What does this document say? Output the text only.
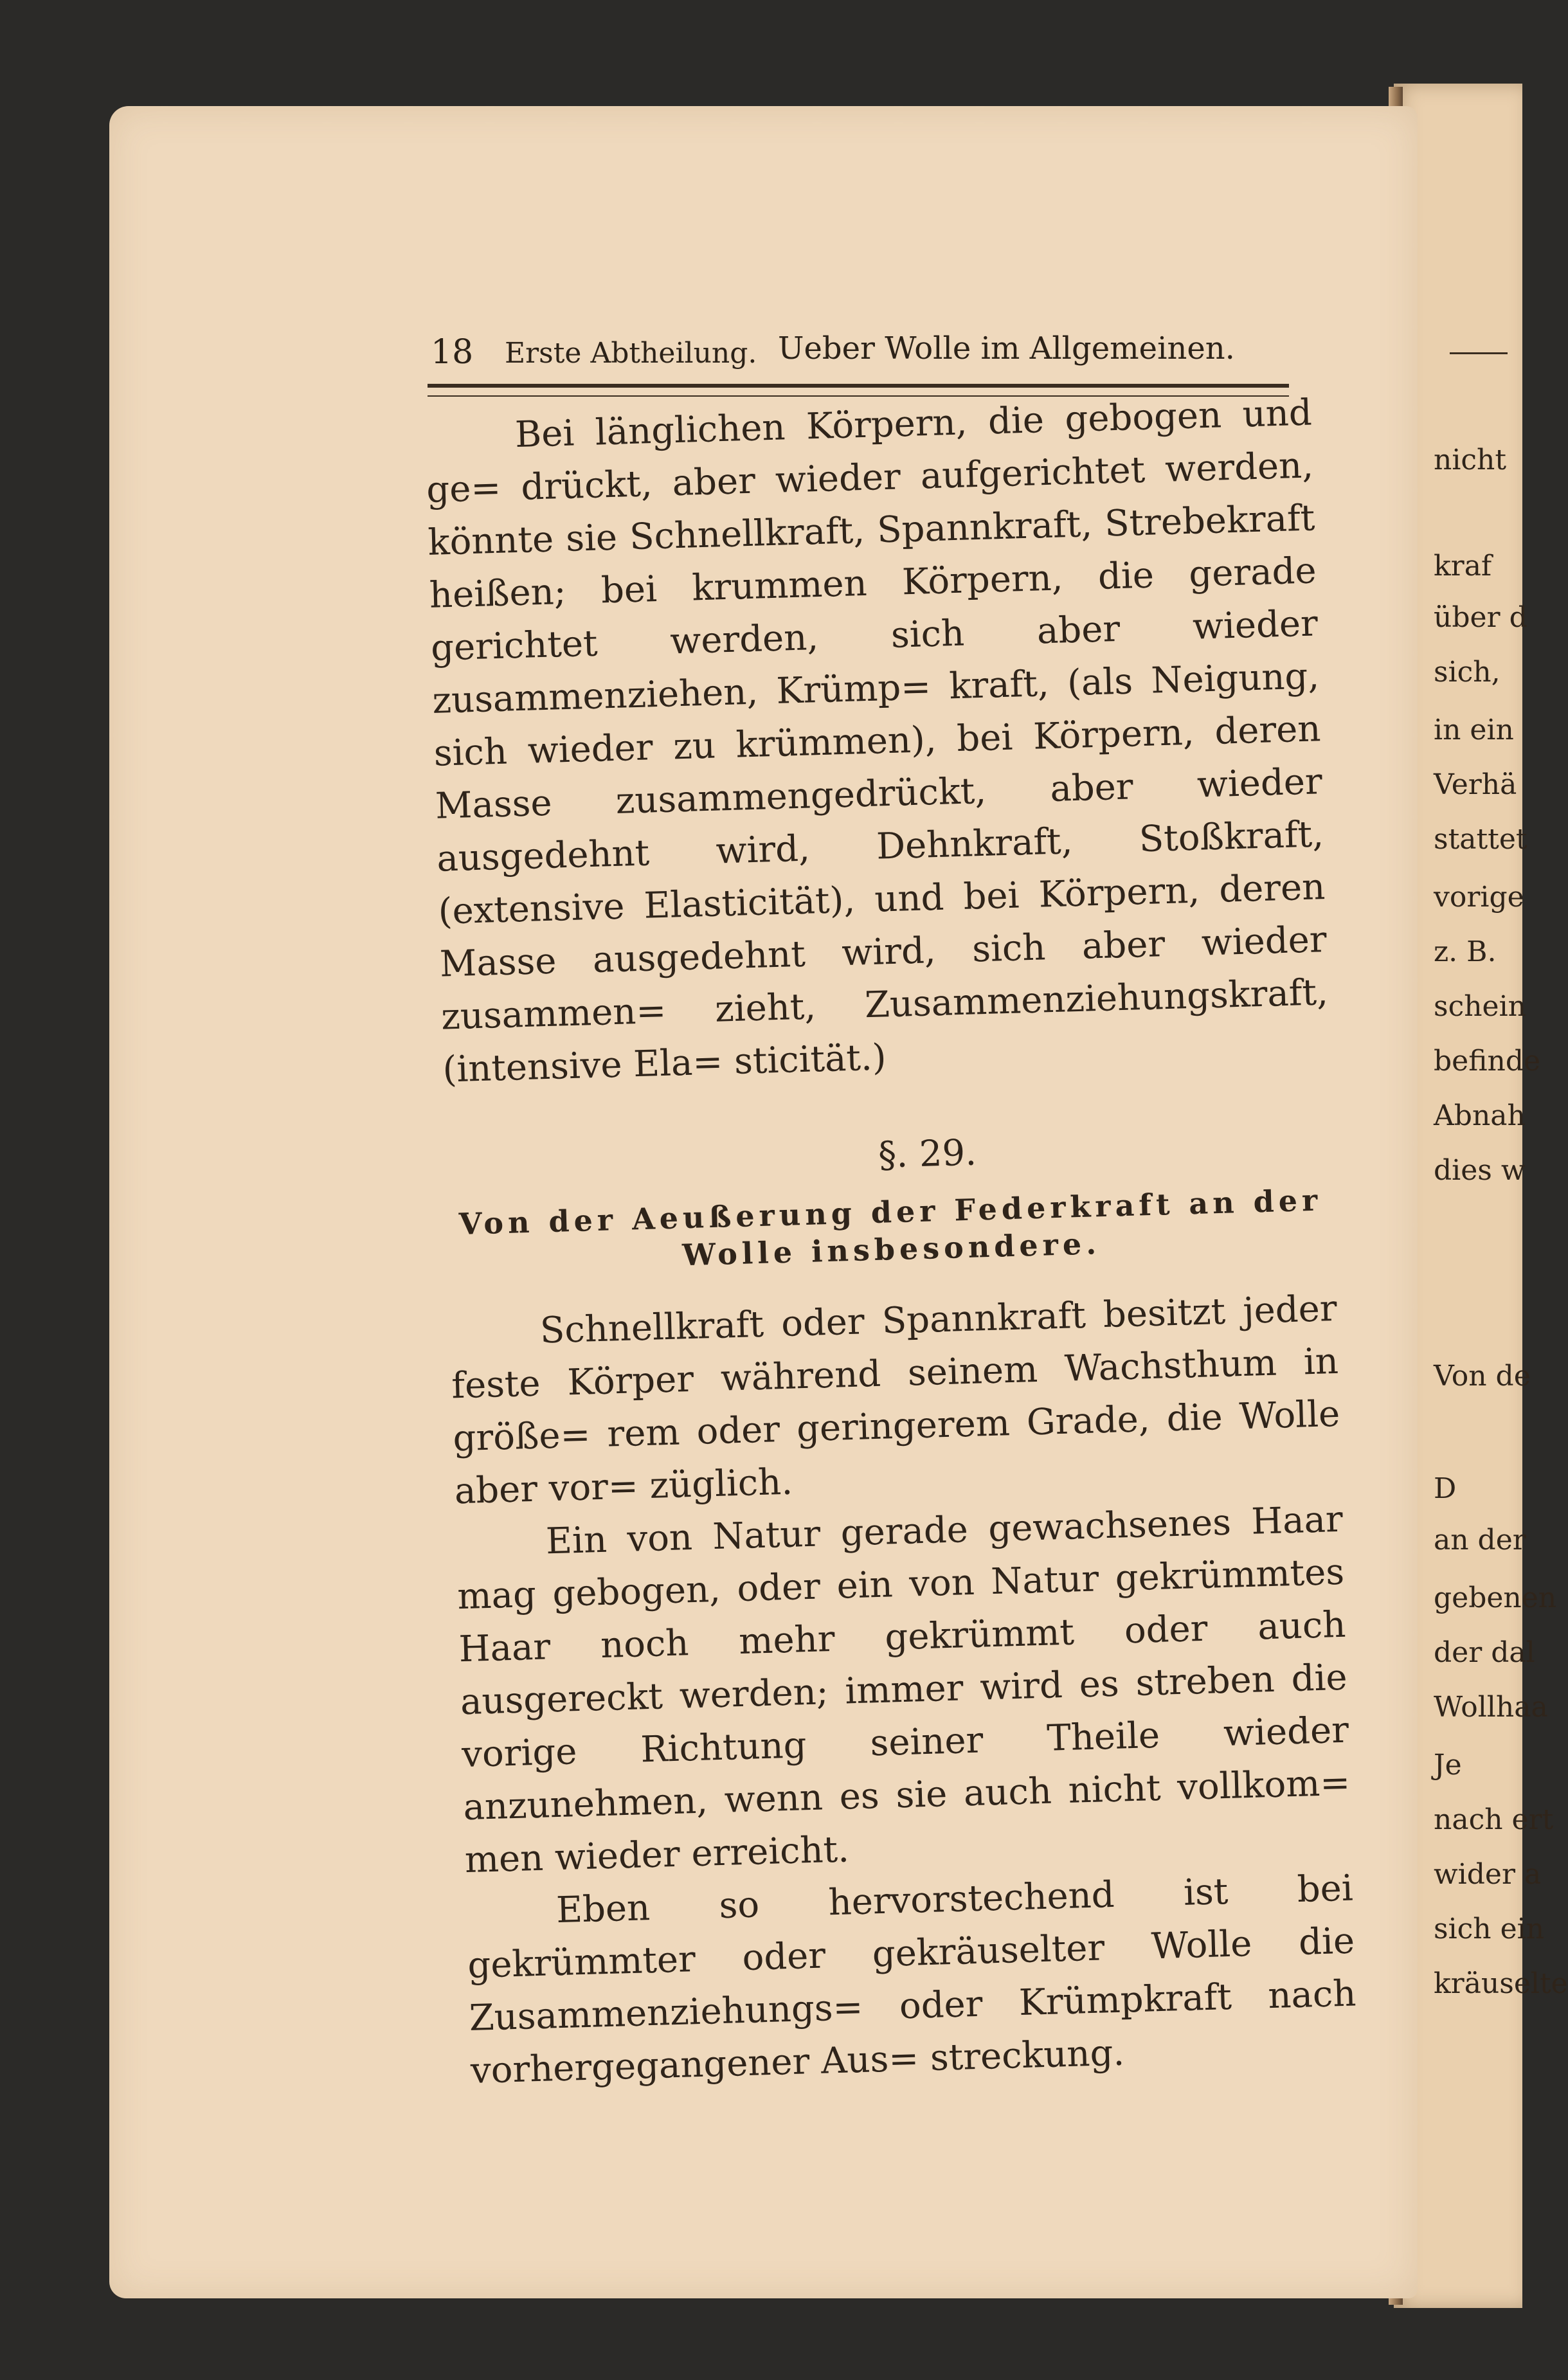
18 Erste Abtheilung. Ueber Wolle im Allgemeinen.

Bei länglichen Körpern, die gebogen und ge= drückt, aber wieder aufgerichtet werden, könnte sie Schnellkraft, Spannkraft, Strebekraft heißen; bei krummen Körpern, die gerade gerichtet werden, sich aber wieder zusammenziehen, Krümp= kraft, (als Neigung, sich wieder zu krümmen), bei Körpern, deren Masse zusammengedrückt, aber wieder ausgedehnt wird, Dehnkraft, Stoßkraft, (extensive Elasticität), und bei Körpern, deren Masse ausgedehnt wird, sich aber wieder zusammen= zieht, Zusammenziehungskraft, (intensive Ela= sticität.)

§. 29.
Von der Aeußerung der Federkraft an der Wolle insbesondere.

Schnellkraft oder Spannkraft besitzt jeder feste Körper während seinem Wachsthum in größe= rem oder geringerem Grade, die Wolle aber vor= züglich.

Ein von Natur gerade gewachsenes Haar mag gebogen, oder ein von Natur gekrümmtes Haar noch mehr gekrümmt oder auch ausgereckt werden; immer wird es streben die vorige Richtung seiner Theile wieder anzunehmen, wenn es sie auch nicht vollkom= men wieder erreicht.

Eben so hervorstechend ist bei gekrümmter oder gekräuselter Wolle die Zusammenziehungs= oder Krümpkraft nach vorhergegangener Aus= streckung.

nicht
kraf
über d
sich,
in ein
Verhä
stattet
vorige
z. B.
schein
befinde
Abnah
dies w
Von de
D
an der
gebenen
der dal
Wollhaa
Je
nach ert
wider a
sich ein
kräuselte
